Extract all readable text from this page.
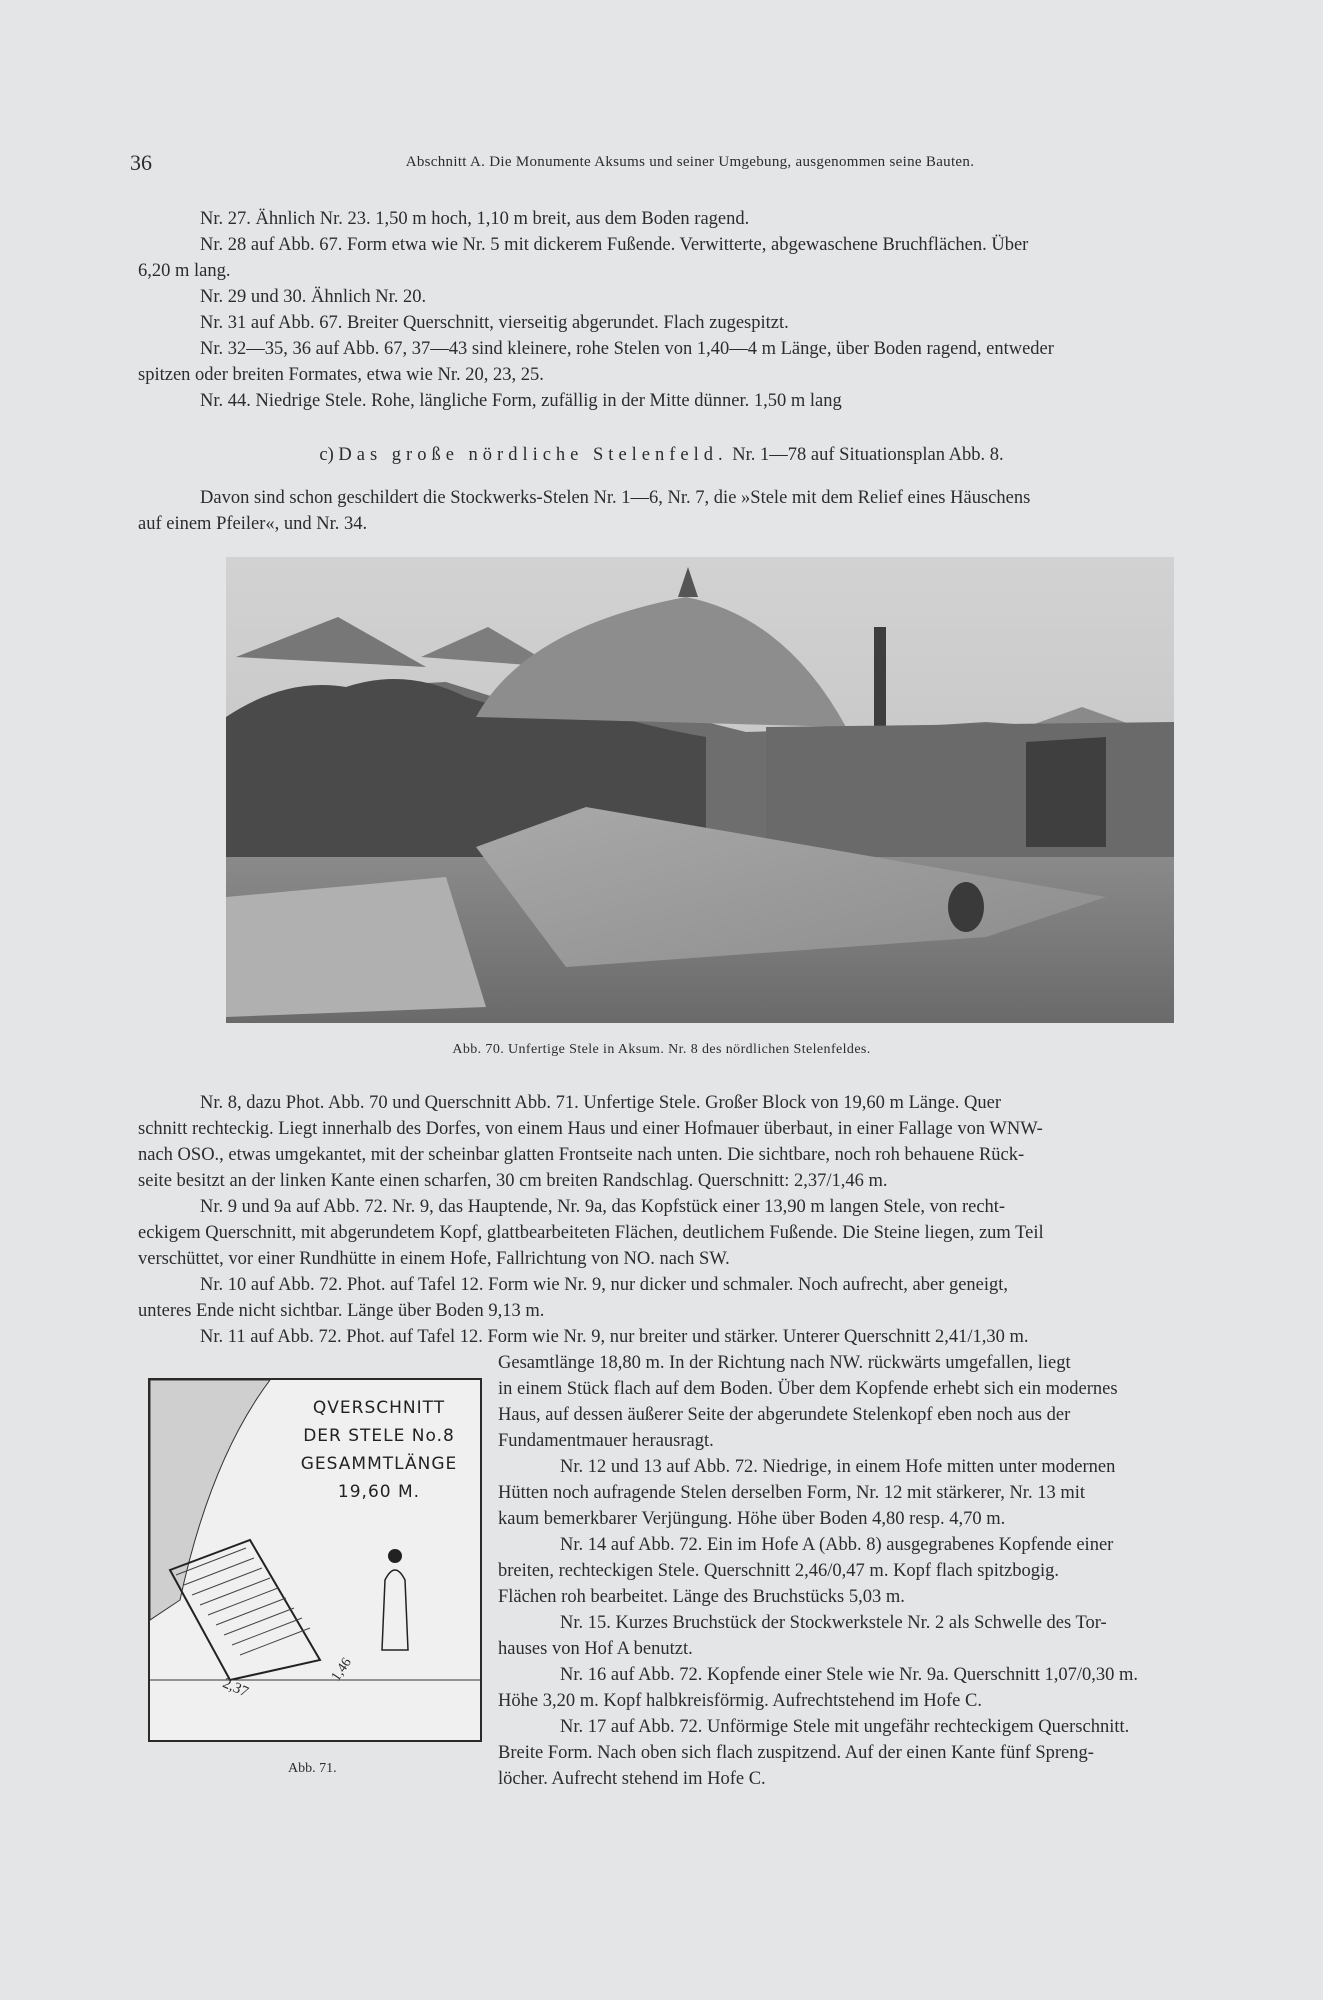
36	Abschnitt A. Die Monumente Aksums und seiner Umgebung, ausgenommen seine Bauten.
Nr. 27. Ähnlich Nr. 23. 1,50 m hoch, 1,10 m breit, aus dem Boden ragend.
Nr. 28 auf Abb. 67. Form etwa wie Nr. 5 mit dickerem Fußende. Verwitterte, abgewaschene Bruchflächen. Über
6,20 m lang.
Nr. 29 und 30. Ähnlich Nr. 20.
Nr. 31 auf Abb. 67. Breiter Querschnitt, vierseitig abgerundet. Flach zugespitzt.
Nr. 32—35, 36 auf Abb. 67, 37—43 sind kleinere, rohe Stelen von 1,40—4 m Länge, über Boden ragend, entweder
spitzen oder breiten Formates, etwa wie Nr. 20, 23, 25.
Nr. 44. Niedrige Stele. Rohe, längliche Form, zufällig in der Mitte dünner. 1,50 m lang
c) Das große nördliche Stelenfeld. Nr. 1—78 auf Situationsplan Abb. 8.
Davon sind schon geschildert die Stockwerks-Stelen Nr. 1—6, Nr. 7, die »Stele mit dem Relief eines Häuschens
auf einem Pfeiler«, und Nr. 34.
Abb. 70. Unfertige Stele in Aksum. Nr. 8 des nördlichen Stelenfeldes.
Nr. 8, dazu Phot. Abb. 70 und Querschnitt Abb. 71. Unfertige Stele. Großer Block von 19,60 m Länge. Quer
schnitt rechteckig. Liegt innerhalb des Dorfes, von einem Haus und einer Hofmauer überbaut, in einer Fallage von WNW-
nach OSO., etwas umgekantet, mit der scheinbar glatten Frontseite nach unten. Die sichtbare, noch roh behauene Rück-
seite besitzt an der linken Kante einen scharfen, 30 cm breiten Randschlag. Querschnitt: 2,37/1,46 m.
Nr. 9 und 9a auf Abb. 72. Nr. 9, das Hauptende, Nr. 9a, das Kopfstück einer 13,90 m langen Stele, von recht-
eckigem Querschnitt, mit abgerundetem Kopf, glattbearbeiteten Flächen, deutlichem Fußende. Die Steine liegen, zum Teil
verschüttet, vor einer Rundhütte in einem Hofe, Fallrichtung von NO. nach SW.
Nr. 10 auf Abb. 72. Phot. auf Tafel 12. Form wie Nr. 9, nur dicker und schmaler. Noch aufrecht, aber geneigt,
unteres Ende nicht sichtbar. Länge über Boden 9,13 m.
Nr. 11 auf Abb. 72. Phot. auf Tafel 12. Form wie Nr. 9, nur breiter und stärker. Unterer Querschnitt 2,41/1,30 m.
Gesamtlänge 18,80 m. In der Richtung nach NW. rückwärts umgefallen, liegt
in einem Stück flach auf dem Boden. Über dem Kopfende erhebt sich ein modernes
Haus, auf dessen äußerer Seite der abgerundete Stelenkopf eben noch aus der
Fundamentmauer herausragt.
Nr. 12 und 13 auf Abb. 72. Niedrige, in einem Hofe mitten unter modernen
Hütten noch aufragende Stelen derselben Form, Nr. 12 mit stärkerer, Nr. 13 mit
kaum bemerkbarer Verjüngung. Höhe über Boden 4,80 resp. 4,70 m.
Nr. 14 auf Abb. 72. Ein im Hofe A (Abb. 8) ausgegrabenes Kopfende einer
breiten, rechteckigen Stele. Querschnitt 2,46/0,47 m. Kopf flach spitzbogig.
Flächen roh bearbeitet. Länge des Bruchstücks 5,03 m.
Nr. 15. Kurzes Bruchstück der Stockwerkstele Nr. 2 als Schwelle des Tor-
hauses von Hof A benutzt.
Nr. 16 auf Abb. 72. Kopfende einer Stele wie Nr. 9a. Querschnitt 1,07/0,30 m.
Höhe 3,20 m. Kopf halbkreisförmig. Aufrechtstehend im Hofe C.
Nr. 17 auf Abb. 72. Unförmige Stele mit ungefähr rechteckigem Querschnitt.
Breite Form. Nach oben sich flach zuspitzend. Auf der einen Kante fünf Spreng-
löcher. Aufrecht stehend im Hofe C.
QVERSCHNITT
DER STELE No.8
GESAMMTLÄNGE
19,60 M.
2,37
1,46
Abb. 71.
